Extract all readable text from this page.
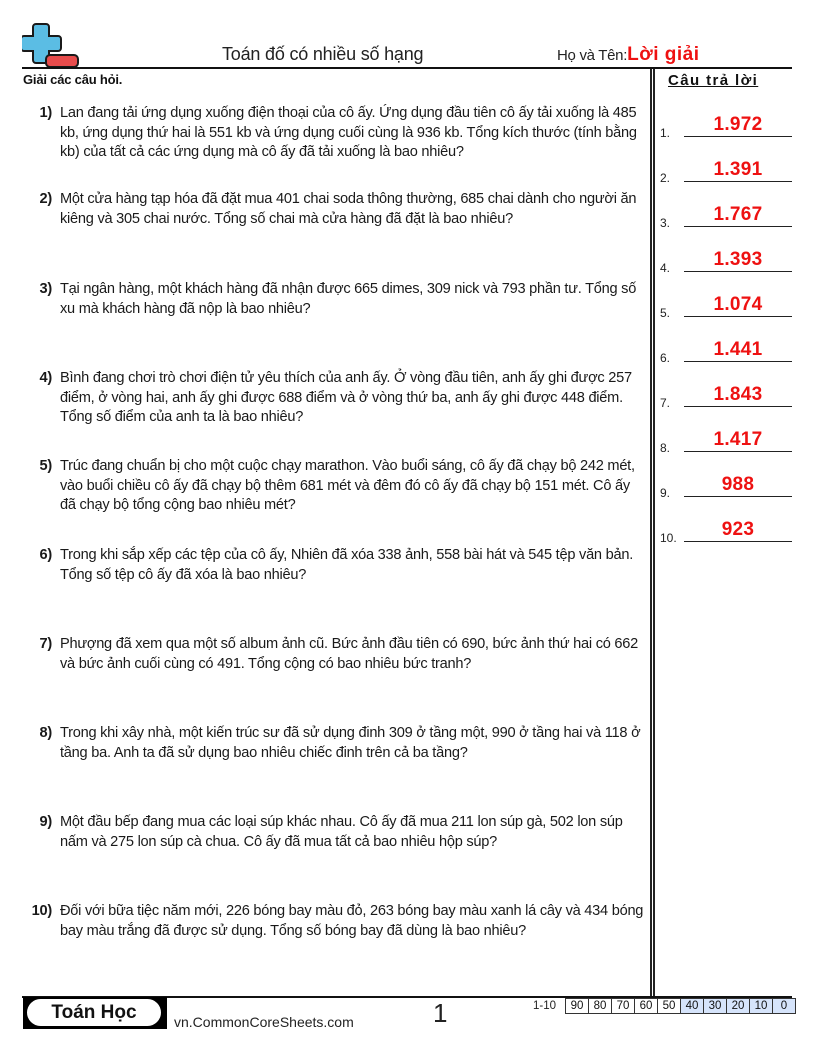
Toán đố có nhiều số hạng	Họ và Tên:Lời giải
Giải các câu hỏi.
1) Lan đang tải ứng dụng xuống điện thoại của cô ấy. Ứng dụng đầu tiên cô ấy tải xuống là 485 kb, ứng dụng thứ hai là 551 kb và ứng dụng cuối cùng là 936 kb. Tổng kích thước (tính bằng kb) của tất cả các ứng dụng mà cô ấy đã tải xuống là bao nhiêu?
2) Một cửa hàng tạp hóa đã đặt mua 401 chai soda thông thường, 685 chai dành cho người ăn kiêng và 305 chai nước. Tổng số chai mà cửa hàng đã đặt là bao nhiêu?
3) Tại ngân hàng, một khách hàng đã nhận được 665 dimes, 309 nick và 793 phần tư. Tổng số xu mà khách hàng đã nộp là bao nhiêu?
4) Bình đang chơi trò chơi điện tử yêu thích của anh ấy. Ở vòng đầu tiên, anh ấy ghi được 257 điểm, ở vòng hai, anh ấy ghi được 688 điểm và ở vòng thứ ba, anh ấy ghi được 448 điểm. Tổng số điểm của anh ta là bao nhiêu?
5) Trúc đang chuẩn bị cho một cuộc chạy marathon. Vào buổi sáng, cô ấy đã chạy bộ 242 mét, vào buổi chiều cô ấy đã chạy bộ thêm 681 mét và đêm đó cô ấy đã chạy bộ 151 mét. Cô ấy đã chạy bộ tổng cộng bao nhiêu mét?
6) Trong khi sắp xếp các tệp của cô ấy, Nhiên đã xóa 338 ảnh, 558 bài hát và 545 tệp văn bản. Tổng số tệp cô ấy đã xóa là bao nhiêu?
7) Phượng đã xem qua một số album ảnh cũ. Bức ảnh đầu tiên có 690, bức ảnh thứ hai có 662 và bức ảnh cuối cùng có 491. Tổng cộng có bao nhiêu bức tranh?
8) Trong khi xây nhà, một kiến trúc sư đã sử dụng đinh 309 ở tầng một, 990 ở tầng hai và 118 ở tầng ba. Anh ta đã sử dụng bao nhiêu chiếc đinh trên cả ba tầng?
9) Một đầu bếp đang mua các loại súp khác nhau. Cô ấy đã mua 211 lon súp gà, 502 lon súp nấm và 275 lon súp cà chua. Cô ấy đã mua tất cả bao nhiêu hộp súp?
10) Đối với bữa tiệc năm mới, 226 bóng bay màu đỏ, 263 bóng bay màu xanh lá cây và 434 bóng bay màu trắng đã được sử dụng. Tổng số bóng bay đã dùng là bao nhiêu?
Câu trả lời
1.	1.972
2.	1.391
3.	1.767
4.	1.393
5.	1.074
6.	1.441
7.	1.843
8.	1.417
9.	988
10.	923
Toán Học	vn.CommonCoreSheets.com	1	1-10	90 80 70 60 50 40 30 20 10	0
